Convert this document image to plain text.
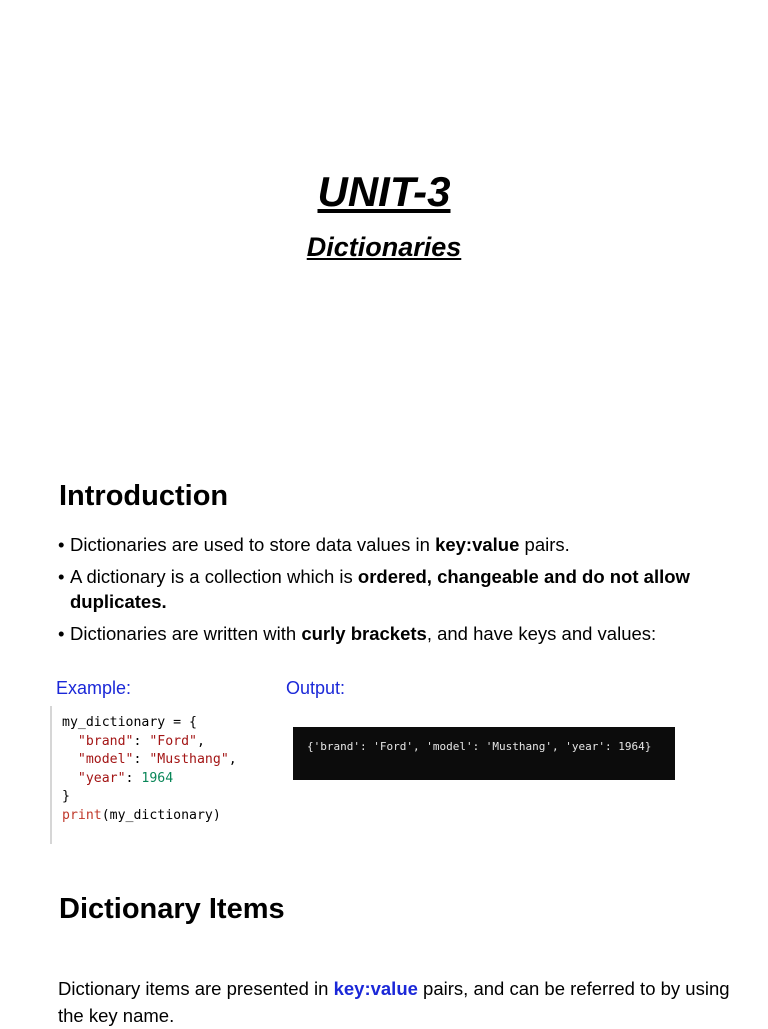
UNIT-3
Dictionaries
Introduction
• Dictionaries are used to store data values in key:value pairs.
• A dictionary is a collection which is ordered, changeable and do not allow duplicates.
• Dictionaries are written with curly brackets, and have keys and values:
Example:	Output:
my_dictionary = {
"brand": "Ford",
"model": "Musthang",
"year": 1964
}
print(my_dictionary)
{'brand': 'Ford', 'model': 'Musthang', 'year': 1964}
Dictionary Items
Dictionary items are presented in key:value pairs, and can be referred to by using the key name.
